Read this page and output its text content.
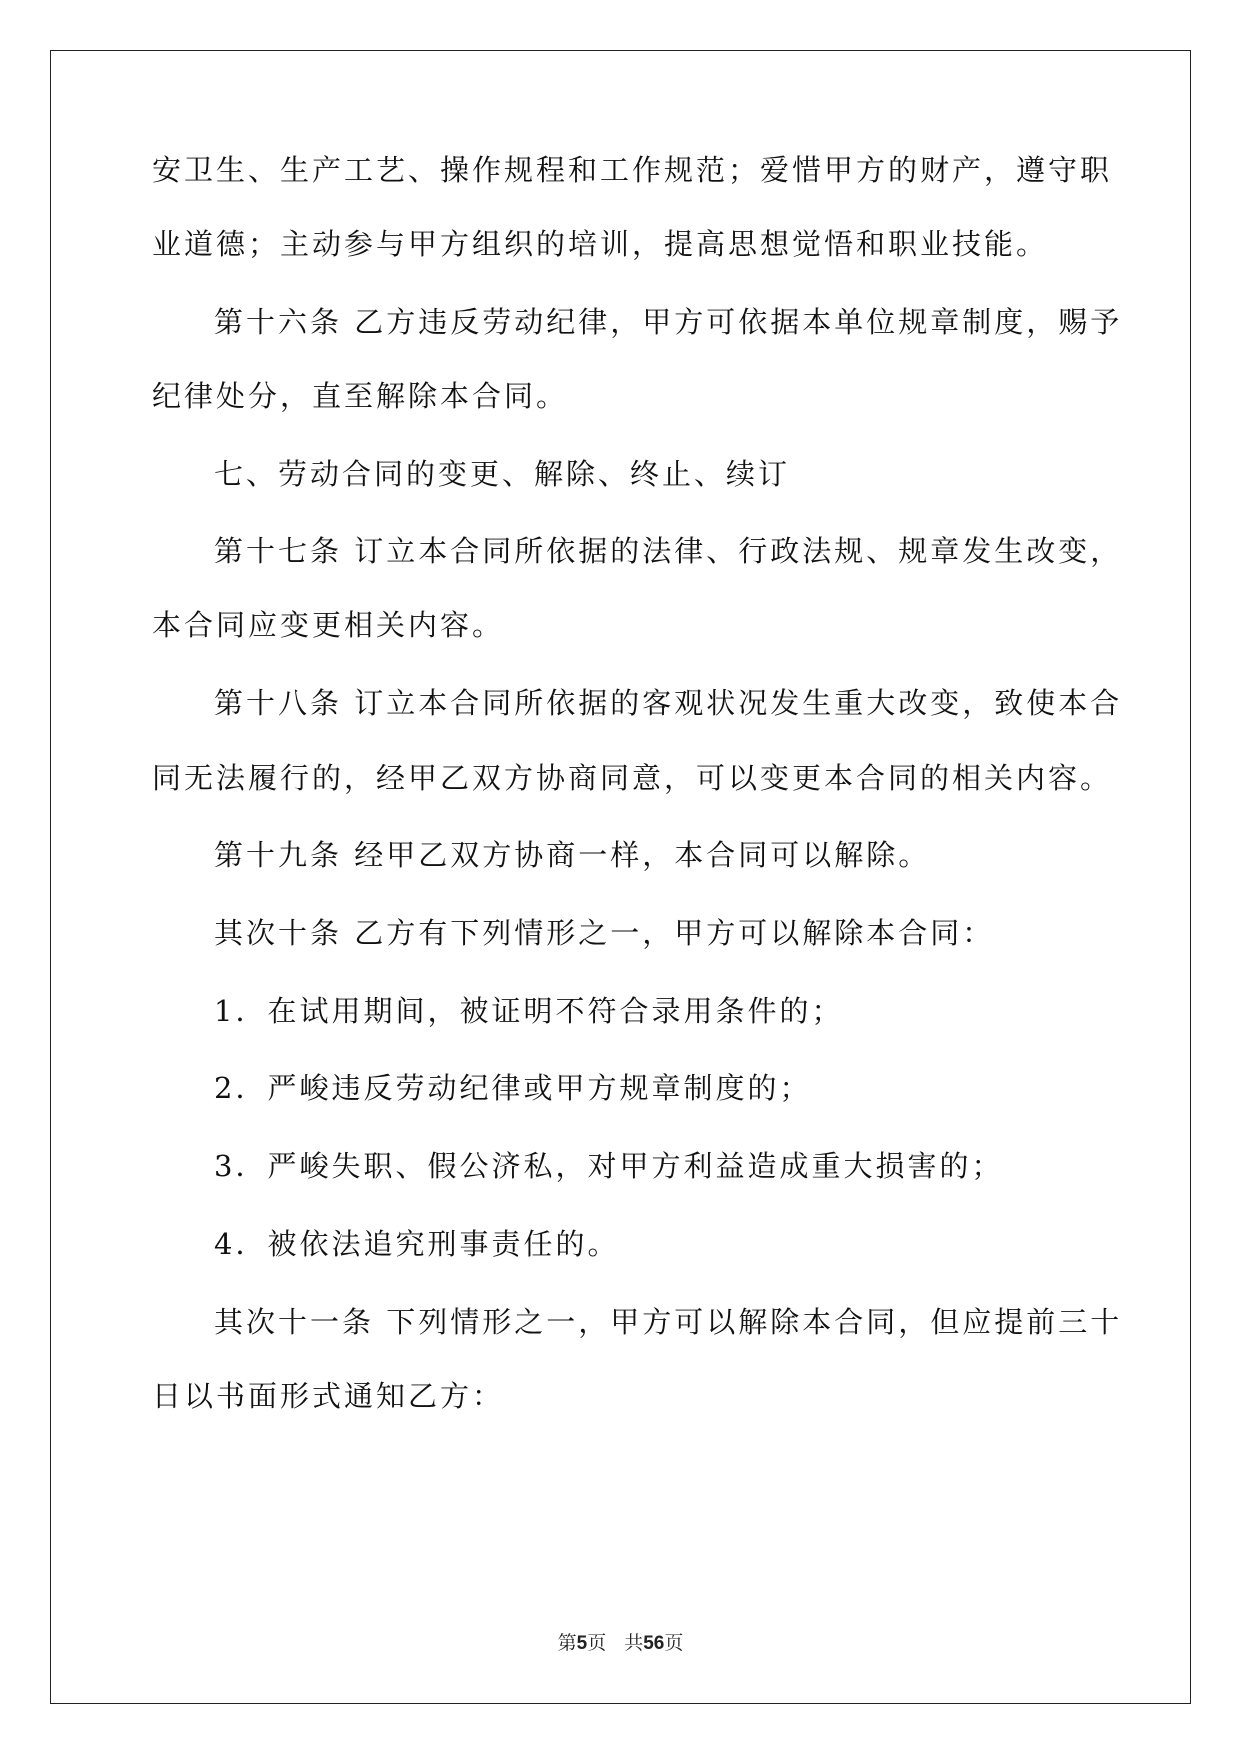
安卫生、生产工艺、操作规程和工作规范；爱惜甲方的财产，遵守职
业道德；主动参与甲方组织的培训，提高思想觉悟和职业技能。
第十六条 乙方违反劳动纪律，甲方可依据本单位规章制度，赐予
纪律处分，直至解除本合同。
七、劳动合同的变更、解除、终止、续订
第十七条 订立本合同所依据的法律、行政法规、规章发生改变，
本合同应变更相关内容。
第十八条 订立本合同所依据的客观状况发生重大改变，致使本合
同无法履行的，经甲乙双方协商同意，可以变更本合同的相关内容。
第十九条 经甲乙双方协商一样，本合同可以解除。
其次十条 乙方有下列情形之一，甲方可以解除本合同：
1．在试用期间，被证明不符合录用条件的；
2．严峻违反劳动纪律或甲方规章制度的；
3．严峻失职、假公济私，对甲方利益造成重大损害的；
4．被依法追究刑事责任的。
其次十一条 下列情形之一，甲方可以解除本合同，但应提前三十
日以书面形式通知乙方：
第5页 共56页
